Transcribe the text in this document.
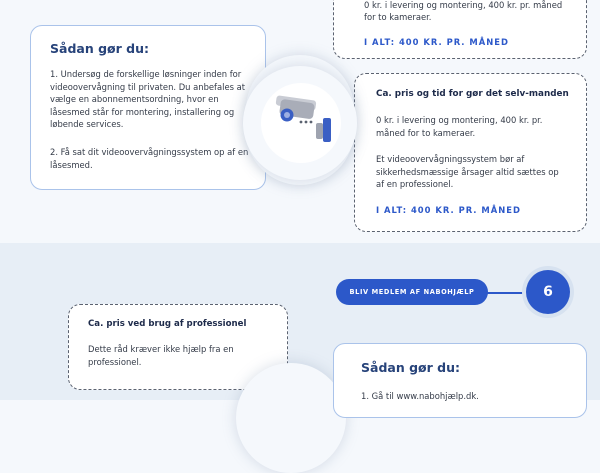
0 kr. i levering og montering, 400 kr. pr. måned
for to kameraer.
I ALT: 400 KR. PR. MÅNED
Sådan gør du:
1. Undersøg de forskellige løsninger inden for
videoovervågning til privaten. Du anbefales at
vælge en abonnementsordning, hvor en
låsesmed står for montering, installering og
løbende services.
2. Få sat dit videoovervågningssystem op af en
låsesmed.
Ca. pris og tid for gør det selv-manden
0 kr. i levering og montering, 400 kr. pr.
måned for to kameraer.
Et videoovervågningssystem bør af
sikkerhedsmæssige årsager altid sættes op
af en professionel.
I ALT: 400 KR. PR. MÅNED
BLIV MEDLEM AF NABOHJÆLP	6
Ca. pris ved brug af professionel
Dette råd kræver ikke hjælp fra en
professionel.	Sådan gør du:
1. Gå til www.nabohjælp.dk.
